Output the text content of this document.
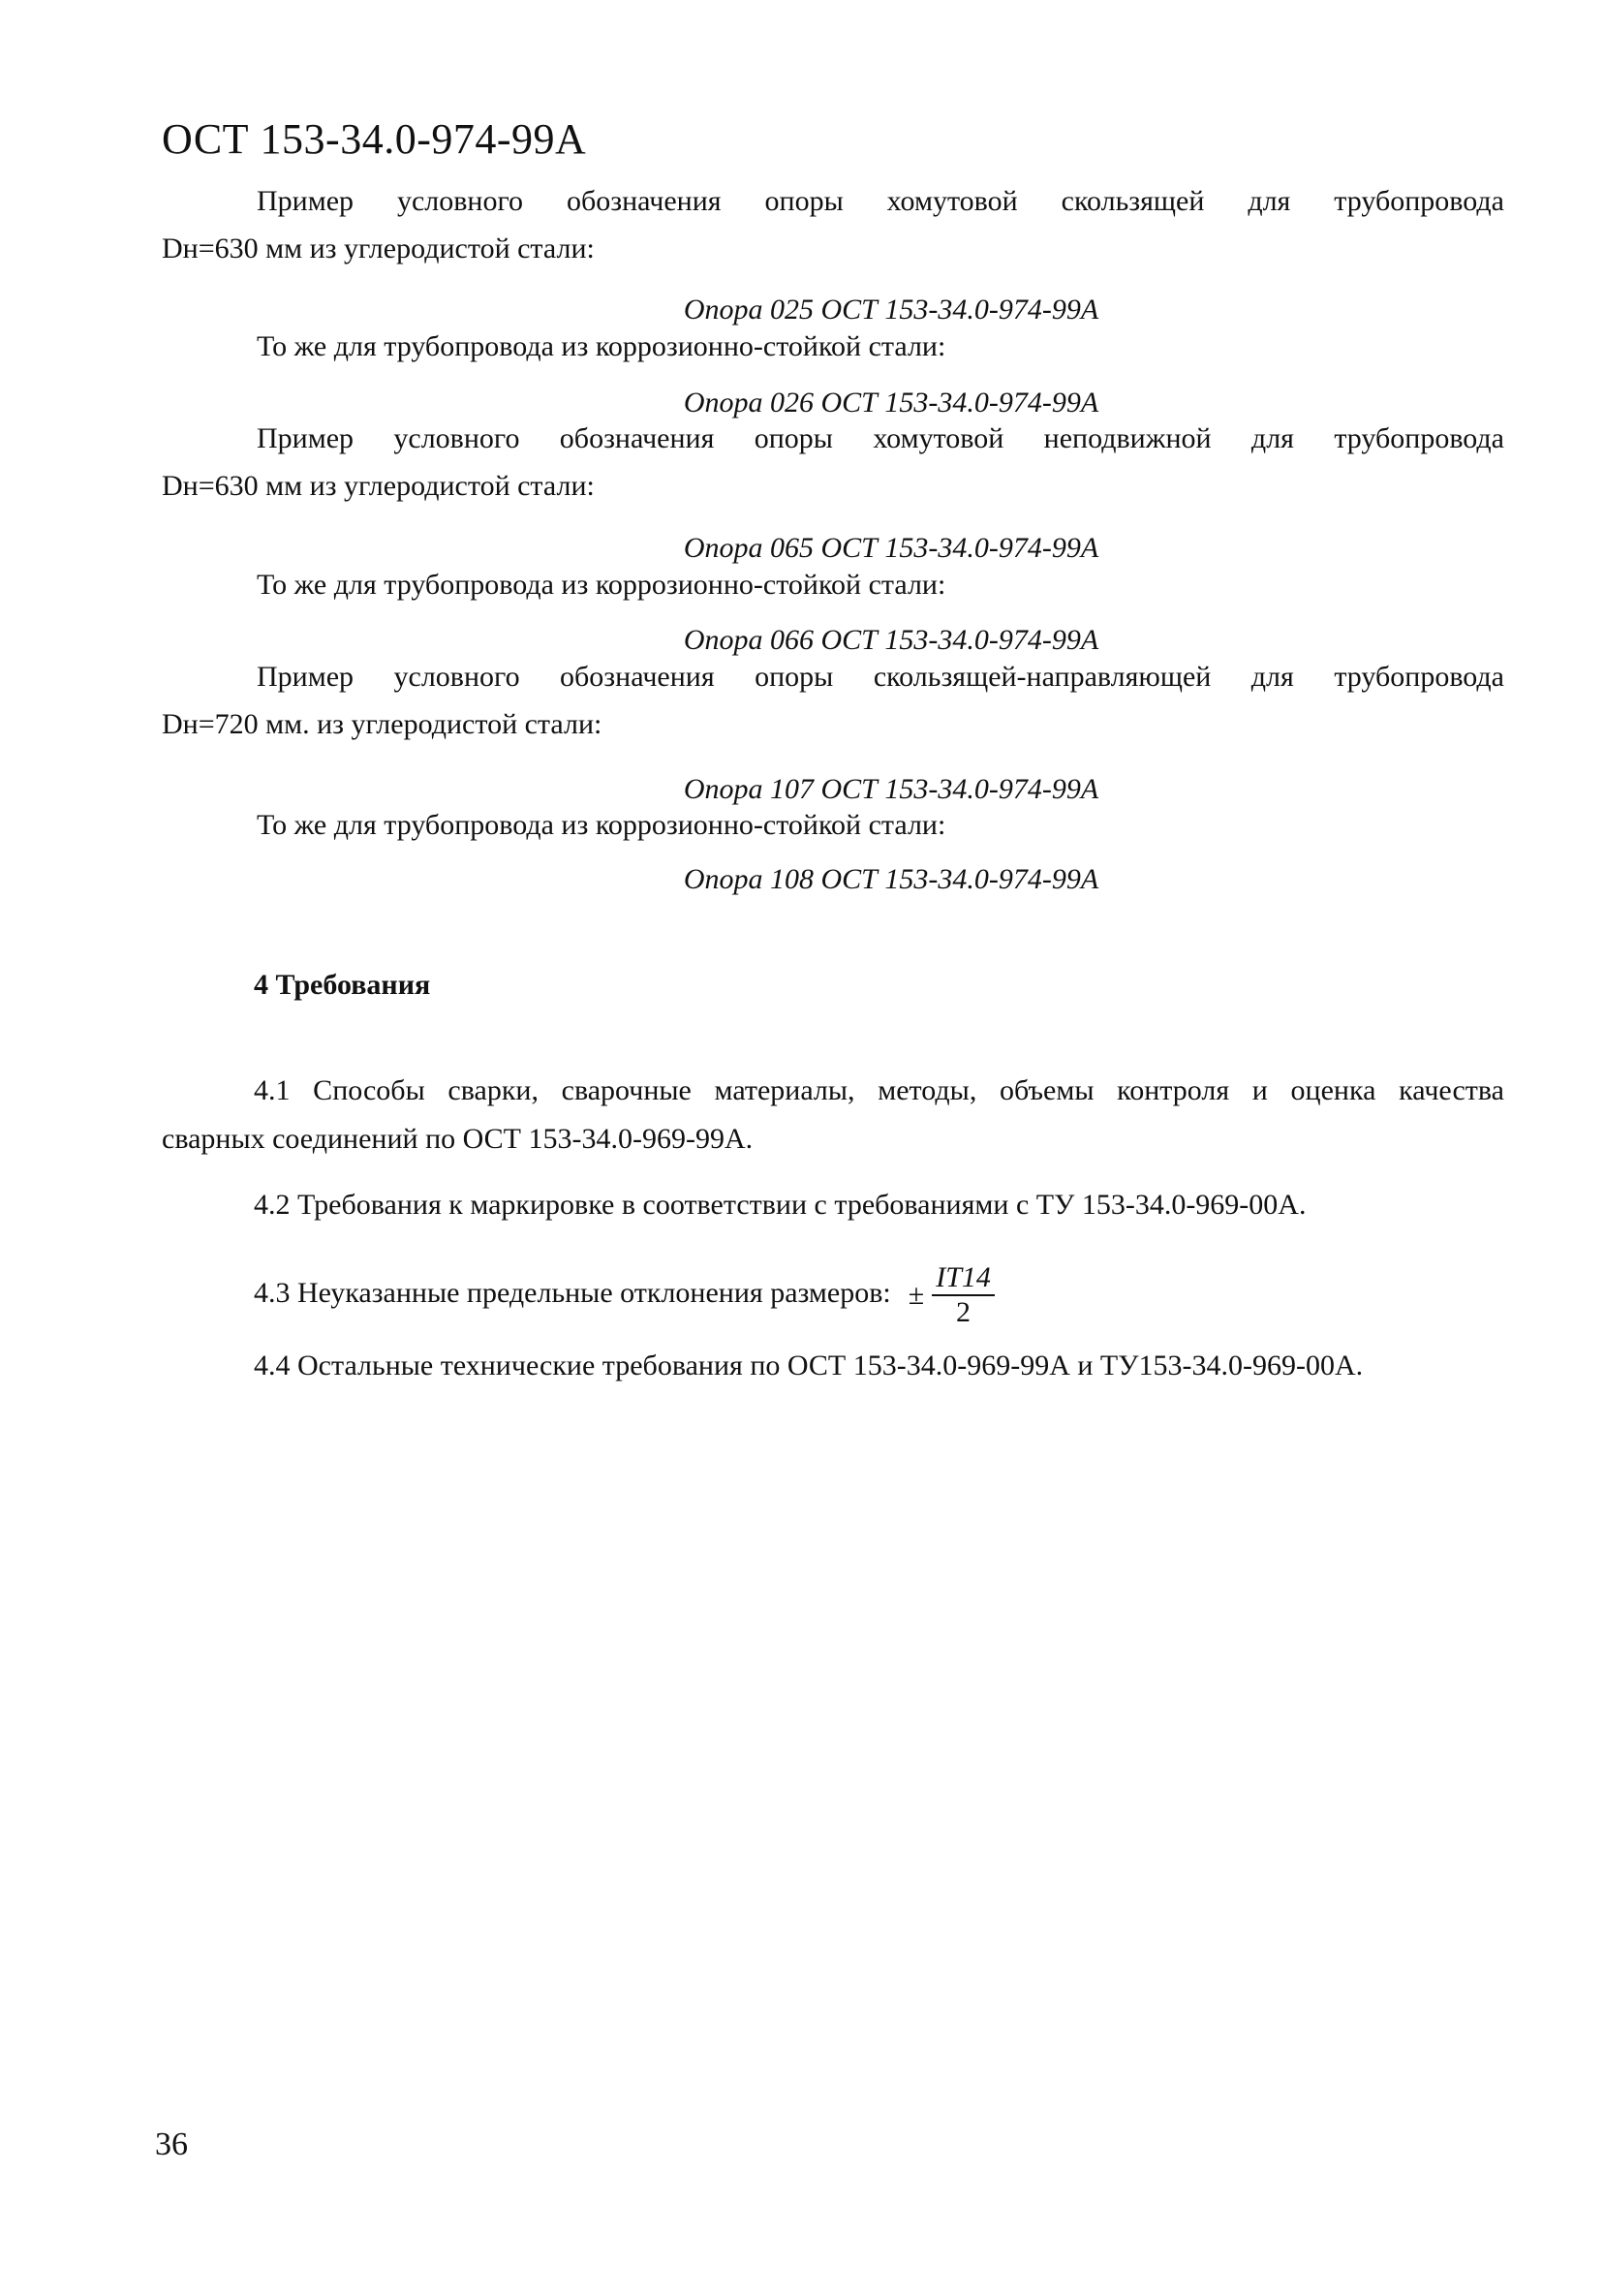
ОСТ 153-34.0-974-99А
Пример условного обозначения опоры хомутовой скользящей для трубопровода
Dн=630 мм из углеродистой стали:
Опора 025 ОСТ 153-34.0-974-99А
То же для трубопровода из коррозионно-стойкой стали:
Опора 026 ОСТ 153-34.0-974-99А
Пример условного обозначения опоры хомутовой неподвижной для трубопровода
Dн=630 мм из углеродистой стали:
Опора 065 ОСТ 153-34.0-974-99А
То же для трубопровода из коррозионно-стойкой стали:
Опора 066 ОСТ 153-34.0-974-99А
Пример условного обозначения опоры скользящей-направляющей для трубопровода
Dн=720 мм. из углеродистой стали:
Опора 107 ОСТ 153-34.0-974-99А
То же для трубопровода из коррозионно-стойкой стали:
Опора 108 ОСТ 153-34.0-974-99А
4 Требования
4.1 Способы сварки, сварочные материалы, методы, объемы контроля и оценка качества
сварных соединений по ОСТ 153-34.0-969-99А.
4.2 Требования к маркировке в соответствии с требованиями с ТУ 153-34.0-969-00А.
4.3 Неуказанные предельные отклонения размеров: ± $\frac{IT14}{2}$
4.4 Остальные технические требования по ОСТ 153-34.0-969-99А и ТУ153-34.0-969-00А.
36
